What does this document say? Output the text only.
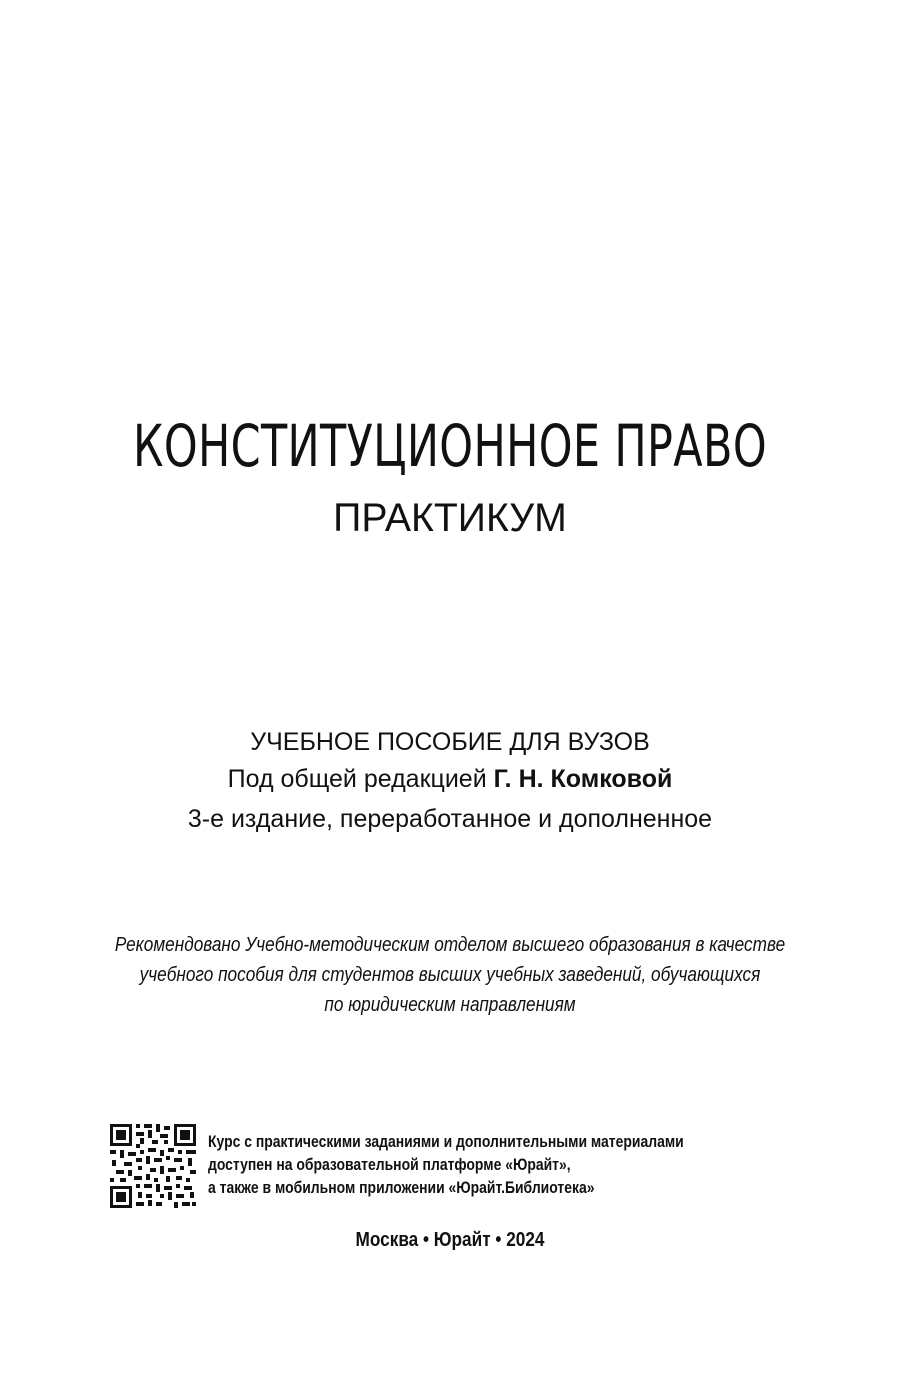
КОНСТИТУЦИОННОЕ ПРАВО
ПРАКТИКУМ
УЧЕБНОЕ ПОСОБИЕ ДЛЯ ВУЗОВ
Под общей редакцией Г. Н. Комковой
3-е издание, переработанное и дополненное
Рекомендовано Учебно-методическим отделом высшего образования в качестве
учебного пособия для студентов высших учебных заведений, обучающихся
по юридическим направлениям
Курс с практическими заданиями и дополнительными материалами
доступен на образовательной платформе «Юрайт»,
а также в мобильном приложении «Юрайт.Библиотека»
Москва • Юрайт • 2024
